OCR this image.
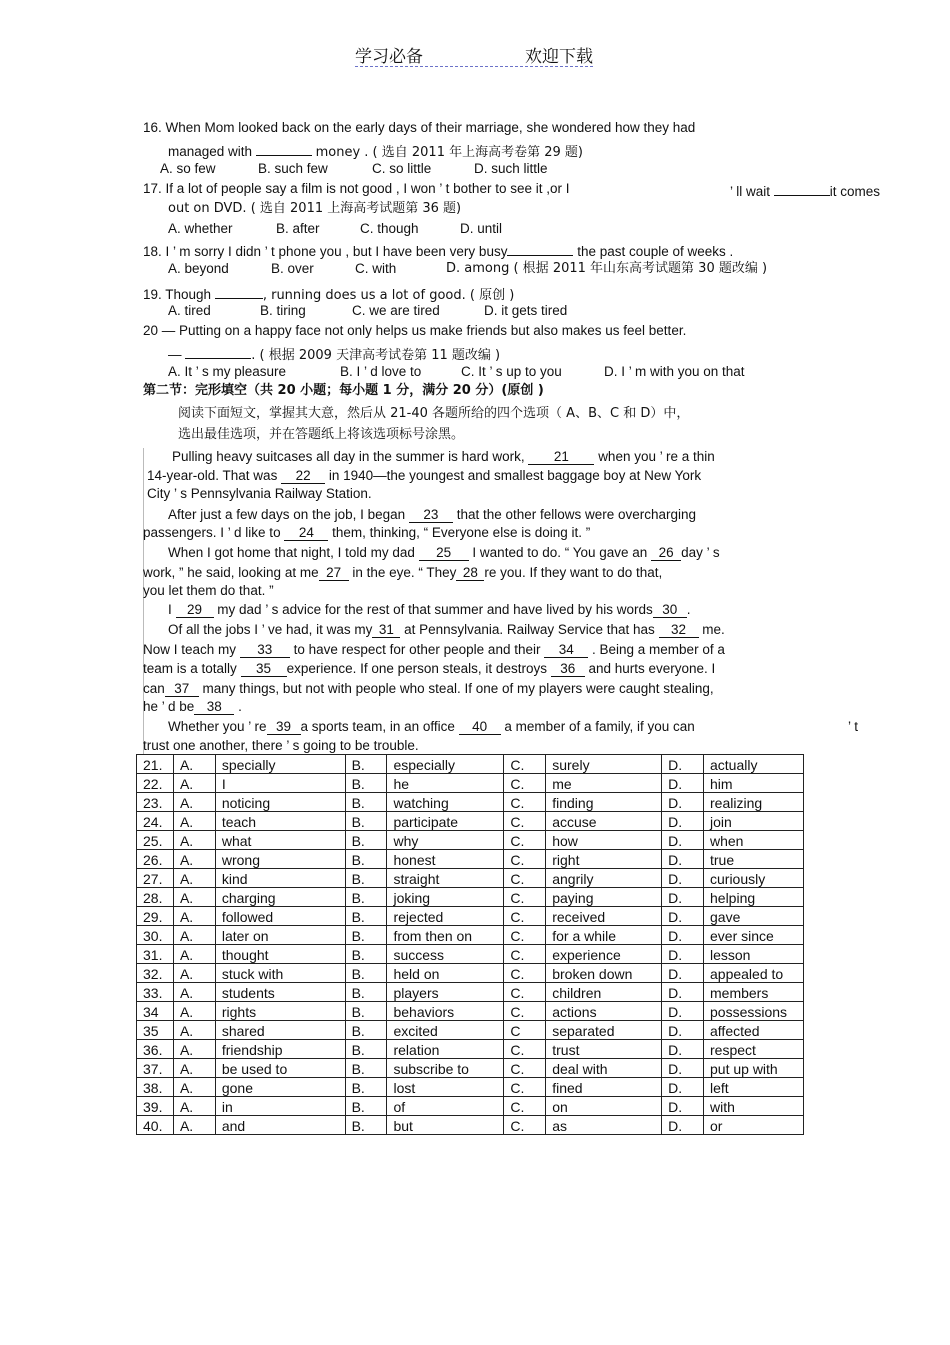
学习必备	欢迎下载
16. When Mom looked back on the early days of their marriage, she wondered how they had
managed with	money . ( 选自 2011 年上海高考卷第 29 题)
A. so few	B. such few	C. so little	D. such little
17. If a lot of people say a film is not good , I won ’ t bother to see it ,or I	’ ll wait	it comes
out on DVD. ( 选自 2011 上海高考试题第 36 题)
A. whether	B. after	C. though	D. until
18. I ’ m sorry I didn ’ t phone you , but I have been very busy	the past couple of weeks .
A. beyond	B. over	C. with	D. among ( 根据 2011 年山东高考试题第 30 题改编 )
19. Though	, running does us a lot of good. ( 原创 )
A. tired	B. tiring	C. we are tired	D. it gets tired
20 — Putting on a happy face not only helps us make friends but also makes us feel better.
—	. ( 根据 2009 天津高考试卷第 11 题改编 )
A. It ’ s my pleasure	B. I ’ d love to	C. It ’ s up to you	D. I ’ m with you on that
第二节：完形填空（共 20 小题；每小题 1 分，满分 20 分）(原创 )
阅读下面短文，掌握其大意，然后从 21-40 各题所给的四个选项（ A、B、C 和 D）中，
选出最佳选项，并在答题纸上将该选项标号涂黑。
Pulling heavy suitcases all day in the summer is hard work, 21 when you ’ re a thin
14-year-old. That was 22 in 1940—the youngest and smallest baggage boy at New York
City ’ s Pennsylvania Railway Station.
After just a few days on the job, I began 23 that the other fellows were overcharging
passengers. I ’ d like to 24 them, thinking, “ Everyone else is doing it. ”
When I got home that night, I told my dad 25 I wanted to do. “ You gave an 26 day ’ s
work, ” he said, looking at me 27 in the eye. “ They 28 re you. If they want to do that,
you let them do that. ”
I 29 my dad ’ s advice for the rest of that summer and have lived by his words 30 .
Of all the jobs I ’ ve had, it was my 31 at Pennsylvania. Railway Service that has 32 me.
Now I teach my 33 to have respect for other people and their 34 . Being a member of a
team is a totally 35 experience. If one person steals, it destroys 36 and hurts everyone. I
can 37 many things, but not with people who steal. If one of my players were caught stealing,
he ’ d be 38 .
Whether you ’ re 39 a sports team, in an office 40 a member of a family, if you can	’ t
trust one another, there ’ s going to be trouble.
21.	A.	specially	B.	especially	C.	surely	D.	actually
22.	A.	I	B.	he	C.	me	D.	him
23.	A.	noticing	B.	watching	C.	finding	D.	realizing
24.	A.	teach	B.	participate	C.	accuse	D.	join
25.	A.	what	B.	why	C.	how	D.	when
26.	A.	wrong	B.	honest	C.	right	D.	true
27.	A.	kind	B.	straight	C.	angrily	D.	curiously
28.	A.	charging	B.	joking	C.	paying	D.	helping
29.	A.	followed	B.	rejected	C.	received	D.	gave
30.	A.	later on	B.	from then on	C.	for a while	D.	ever since
31.	A.	thought	B.	success	C.	experience	D.	lesson
32.	A.	stuck with	B.	held on	C.	broken down	D.	appealed to
33.	A.	students	B.	players	C.	children	D.	members
34	A.	rights	B.	behaviors	C.	actions	D.	possessions
35	A.	shared	B.	excited	C	separated	D.	affected
36.	A.	friendship	B.	relation	C.	trust	D.	respect
37.	A.	be used to	B.	subscribe to	C.	deal with	D.	put up with
38.	A.	gone	B.	lost	C.	fined	D.	left
39.	A.	in	B.	of	C.	on	D.	with
40.	A.	and	B.	but	C.	as	D.	or
